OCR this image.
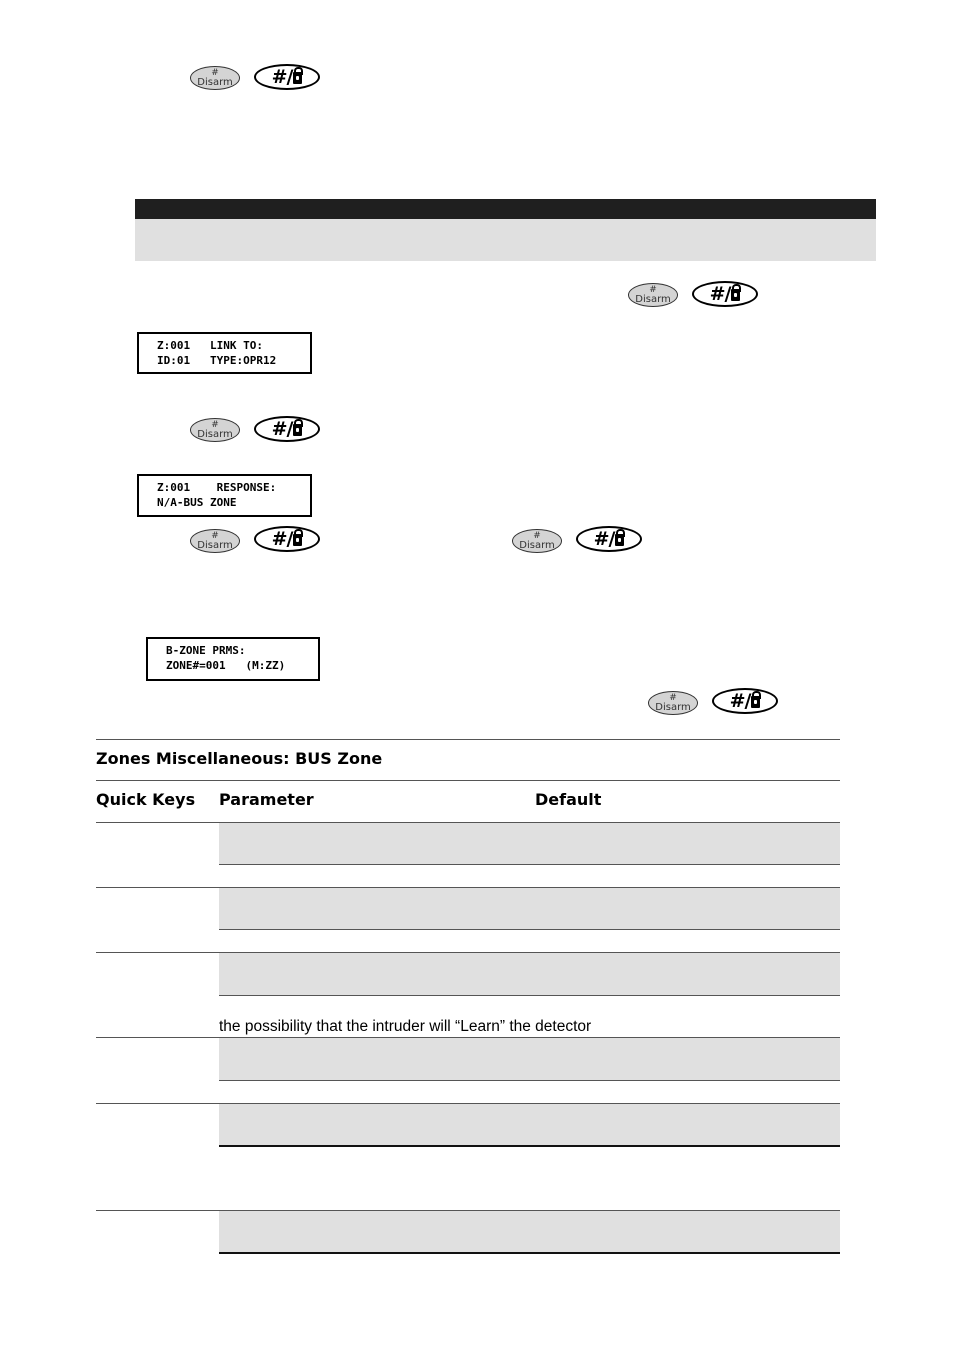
#
Disarm	#/
#
Disarm	#/
Z:001   LINK TO:
ID:01   TYPE:OPR12
#
Disarm	#/
Z:001    RESPONSE:
N/A-BUS ZONE
#
Disarm	#/	#
Disarm	#/
B-ZONE PRMS:
ZONE#=001   (M:ZZ)
#
Disarm	#/
Zones Miscellaneous: BUS Zone
Quick Keys Parameter	Default
the possibility that the intruder will “Learn” the detector
